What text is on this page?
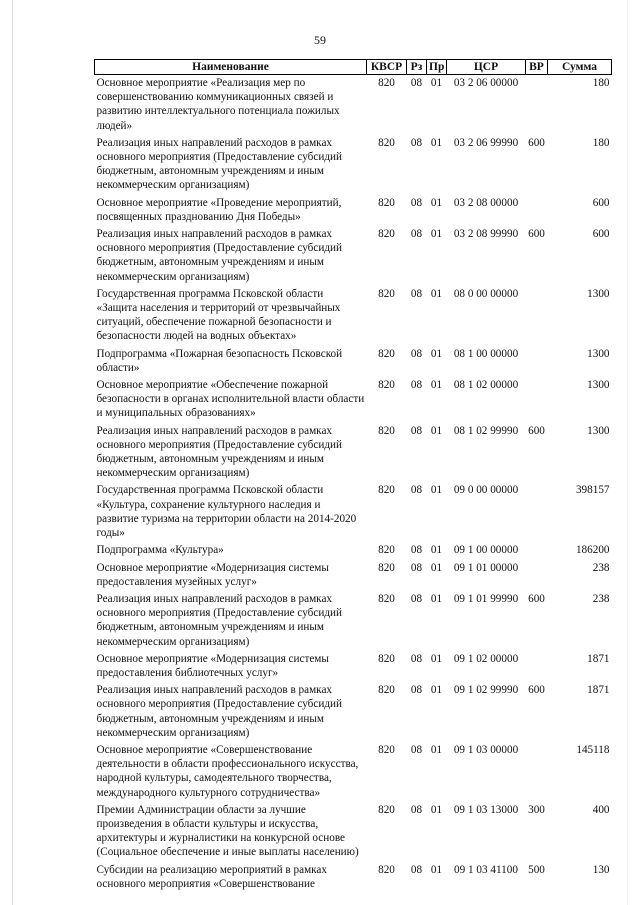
59
Наименование	КВСР	Рз	Пр	ЦСР	ВР	Сумма
Основное мероприятие «Реализация мер по совершенствованию коммуникационных связей и развитию интеллектуального потенциала пожилых людей»	820	08	01	03 2 06 00000		180
Реализация иных направлений расходов в рамках основного мероприятия (Предоставление субсидий бюджетным, автономным учреждениям и иным некоммерческим организациям)	820	08	01	03 2 06 99990	600	180
Основное мероприятие «Проведение мероприятий, посвященных празднованию Дня Победы»	820	08	01	03 2 08 00000		600
Реализация иных направлений расходов в рамках основного мероприятия (Предоставление субсидий бюджетным, автономным учреждениям и иным некоммерческим организациям)	820	08	01	03 2 08 99990	600	600
Государственная программа Псковской области «Защита населения и территорий от чрезвычайных ситуаций, обеспечение пожарной безопасности и безопасности людей на водных объектах»	820	08	01	08 0 00 00000		1300
Подпрограмма «Пожарная безопасность Псковской области»	820	08	01	08 1 00 00000		1300
Основное мероприятие «Обеспечение пожарной безопасности в органах исполнительной власти области и муниципальных образованиях»	820	08	01	08 1 02 00000		1300
Реализация иных направлений расходов в рамках основного мероприятия (Предоставление субсидий бюджетным, автономным учреждениям и иным некоммерческим организациям)	820	08	01	08 1 02 99990	600	1300
Государственная программа Псковской области «Культура, сохранение культурного наследия и развитие туризма на территории области на 2014-2020 годы»	820	08	01	09 0 00 00000		398157
Подпрограмма «Культура»	820	08	01	09 1 00 00000		186200
Основное мероприятие «Модернизация системы предоставления музейных услуг»	820	08	01	09 1 01 00000		238
Реализация иных направлений расходов в рамках основного мероприятия (Предоставление субсидий бюджетным, автономным учреждениям и иным некоммерческим организациям)	820	08	01	09 1 01 99990	600	238
Основное мероприятие «Модернизация системы предоставления библиотечных услуг»	820	08	01	09 1 02 00000		1871
Реализация иных направлений расходов в рамках основного мероприятия (Предоставление субсидий бюджетным, автономным учреждениям и иным некоммерческим организациям)	820	08	01	09 1 02 99990	600	1871
Основное мероприятие «Совершенствование деятельности в области профессионального искусства, народной культуры, самодеятельного творчества, международного культурного сотрудничества»	820	08	01	09 1 03 00000		145118
Премии Администрации области за лучшие произведения в области культуры и искусства, архитектуры и журналистики на конкурсной основе (Социальное обеспечение и иные выплаты населению)	820	08	01	09 1 03 13000	300	400
Субсидии на реализацию мероприятий в рамках основного мероприятия «Совершенствование	820	08	01	09 1 03 41100	500	130
